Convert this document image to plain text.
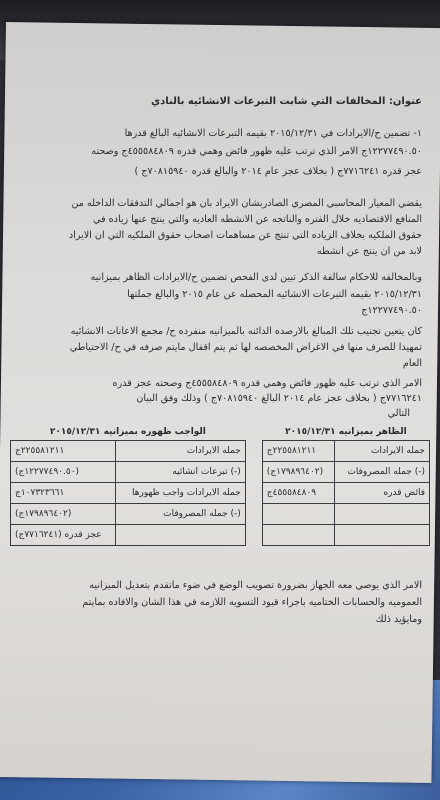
عنوان: المخالفات التي شابت التبرعات الانشائيه بالنادي
١- تضمين ح/الايرادات في ٢٠١٥/١٢/٣١ بقيمه التبرعات الانشائيه البالغ قدرها
١٢٢٧٧٤٩٠.٥٠ج الامر الذي ترتب عليه ظهور فائض وهمي قدره ٤٥٥٥٨٤٨٠٩ج وصحته
عجز قدره ٧٧١٦٢٤١ج ( بخلاف عجز عام ٢٠١٤ والبالغ قدره ٧٠٨١٥٩٤٠ج )
يقضي المعيار المحاسبي المصري الصادربشان الايراد بان هو اجمالي التدفقات الداخله من
المنافع الاقتصاديه خلال الفتره والناتجه عن الانشطه العاديه والتي ينتج عنها زياده في
حقوق الملكيه بخلاف الزياده التي تنتج عن مساهمات اصحاب حقوق الملكيه التي ان الايراد
لابد من ان ينتج عن انشطه
وبالمخالفه للاحكام سالفة الذكر تبين لدى الفحص تضمين ح/الايرادات الظاهر بميزانيه
٢٠١٥/١٢/٣١ بقيمه التبرعات الانشائيه المحصله عن عام ٢٠١٥ والبالغ جملتها
١٢٢٧٧٤٩٠.٥٠ج
كان يتعين تجنيب تلك المبالغ بالارصده الدائنه بالميزانيه منفرده ح/ مجمع الاعانات الانشائيه
تمهيدا للصرف منها في الاغراض المخصصه لها ثم يتم اقفال مايتم صرفه في ح/ الاحتياطي
العام
الامر الذي ترتب عليه ظهور فائض وهمي قدره ٤٥٥٥٨٤٨٠٩ج وصحته عجز قدره
٧٧١٦٢٤١ج ( بخلاف عجز عام ٢٠١٤ البالغ ٧٠٨١٥٩٤٠ج ) وذلك وفق البيان
التالي
الظاهر بميزانيه ٢٠١٥/١٢/٣١			الواجب ظهوره بميزانيه ٢٠١٥/١٢/٣١	
جمله الايرادات	٢٢٥٥٨١٢١١ج		جمله الايرادات	٢٢٥٥٨١٢١١ج
(-) جمله المصروفات	(١٧٩٨٩٦٤٠٢ج)		(-) تبرعات انشائيه	(١٢٢٧٧٤٩٠.٥٠ج)
فائض قدره	٤٥٥٥٨٤٨٠٩ج		جمله الايرادات واجب ظهورها	١٠٧٣٢٣٦٦١ج
			(-) جمله المصروفات	(١٧٩٨٩٦٤٠٢ج)
				عجز قدره (٧٧١٦٢٤١ج)
الامر الذي يوصي معه الجهاز بضرورة تصويب الوضع في ضوء ماتقدم بتعديل الميزانيه
العموميه والحسابات الختاميه باجراء قيود التسويه اللازمه في هذا الشان والافاده بمايتم
ومايؤيد ذلك
